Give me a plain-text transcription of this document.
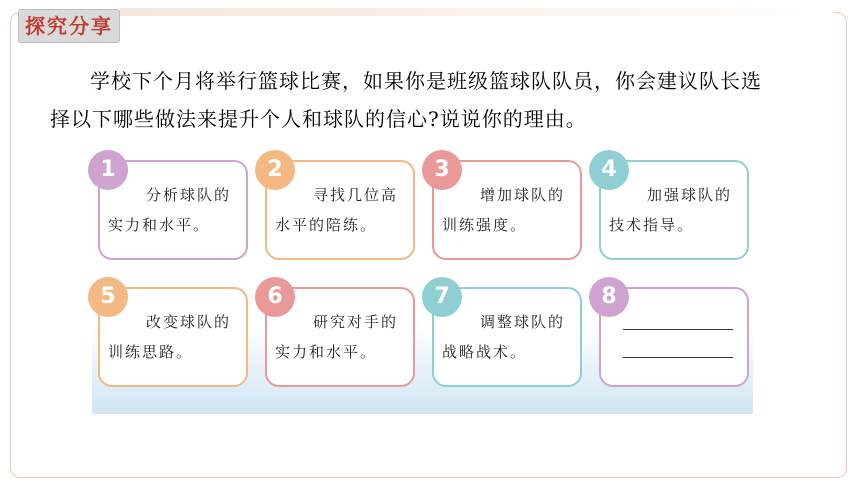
探究分享

学校下个月将举行篮球比赛，如果你是班级篮球队队员，你会建议队长选

择以下哪些做法来提升个人和球队的信心?说说你的理由。

1
分析球队的
实力和水平。
2
寻找几位高
水平的陪练。
3
增加球队的
训练强度。
4
加强球队的
技术指导。
5
改变球队的
训练思路。
6
研究对手的
实力和水平。
7
调整球队的
战略战术。
8
